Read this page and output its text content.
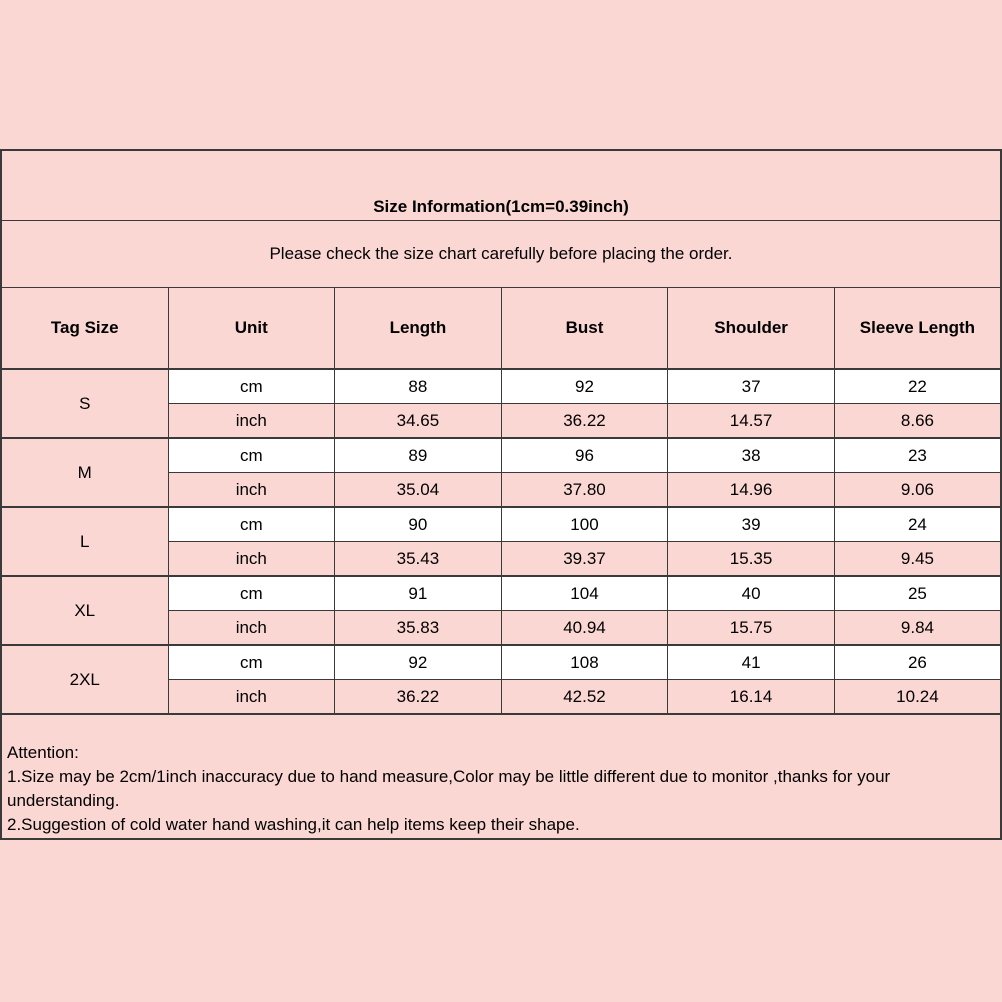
Size Information(1cm=0.39inch)					
Please check the size chart carefully before placing the order.					
Tag Size	Unit	Length	Bust	Shoulder	Sleeve Length
S	cm	88	92	37	22
	inch	34.65	36.22	14.57	8.66
M	cm	89	96	38	23
	inch	35.04	37.80	14.96	9.06
L	cm	90	100	39	24
	inch	35.43	39.37	15.35	9.45
XL	cm	91	104	40	25
	inch	35.83	40.94	15.75	9.84
2XL	cm	92	108	41	26
	inch	36.22	42.52	16.14	10.24

Attention:
1.Size may be 2cm/1inch inaccuracy due to hand measure,Color may be little different due to monitor ,thanks for your understanding.
2.Suggestion of cold water hand washing,it can help items keep their shape.					
